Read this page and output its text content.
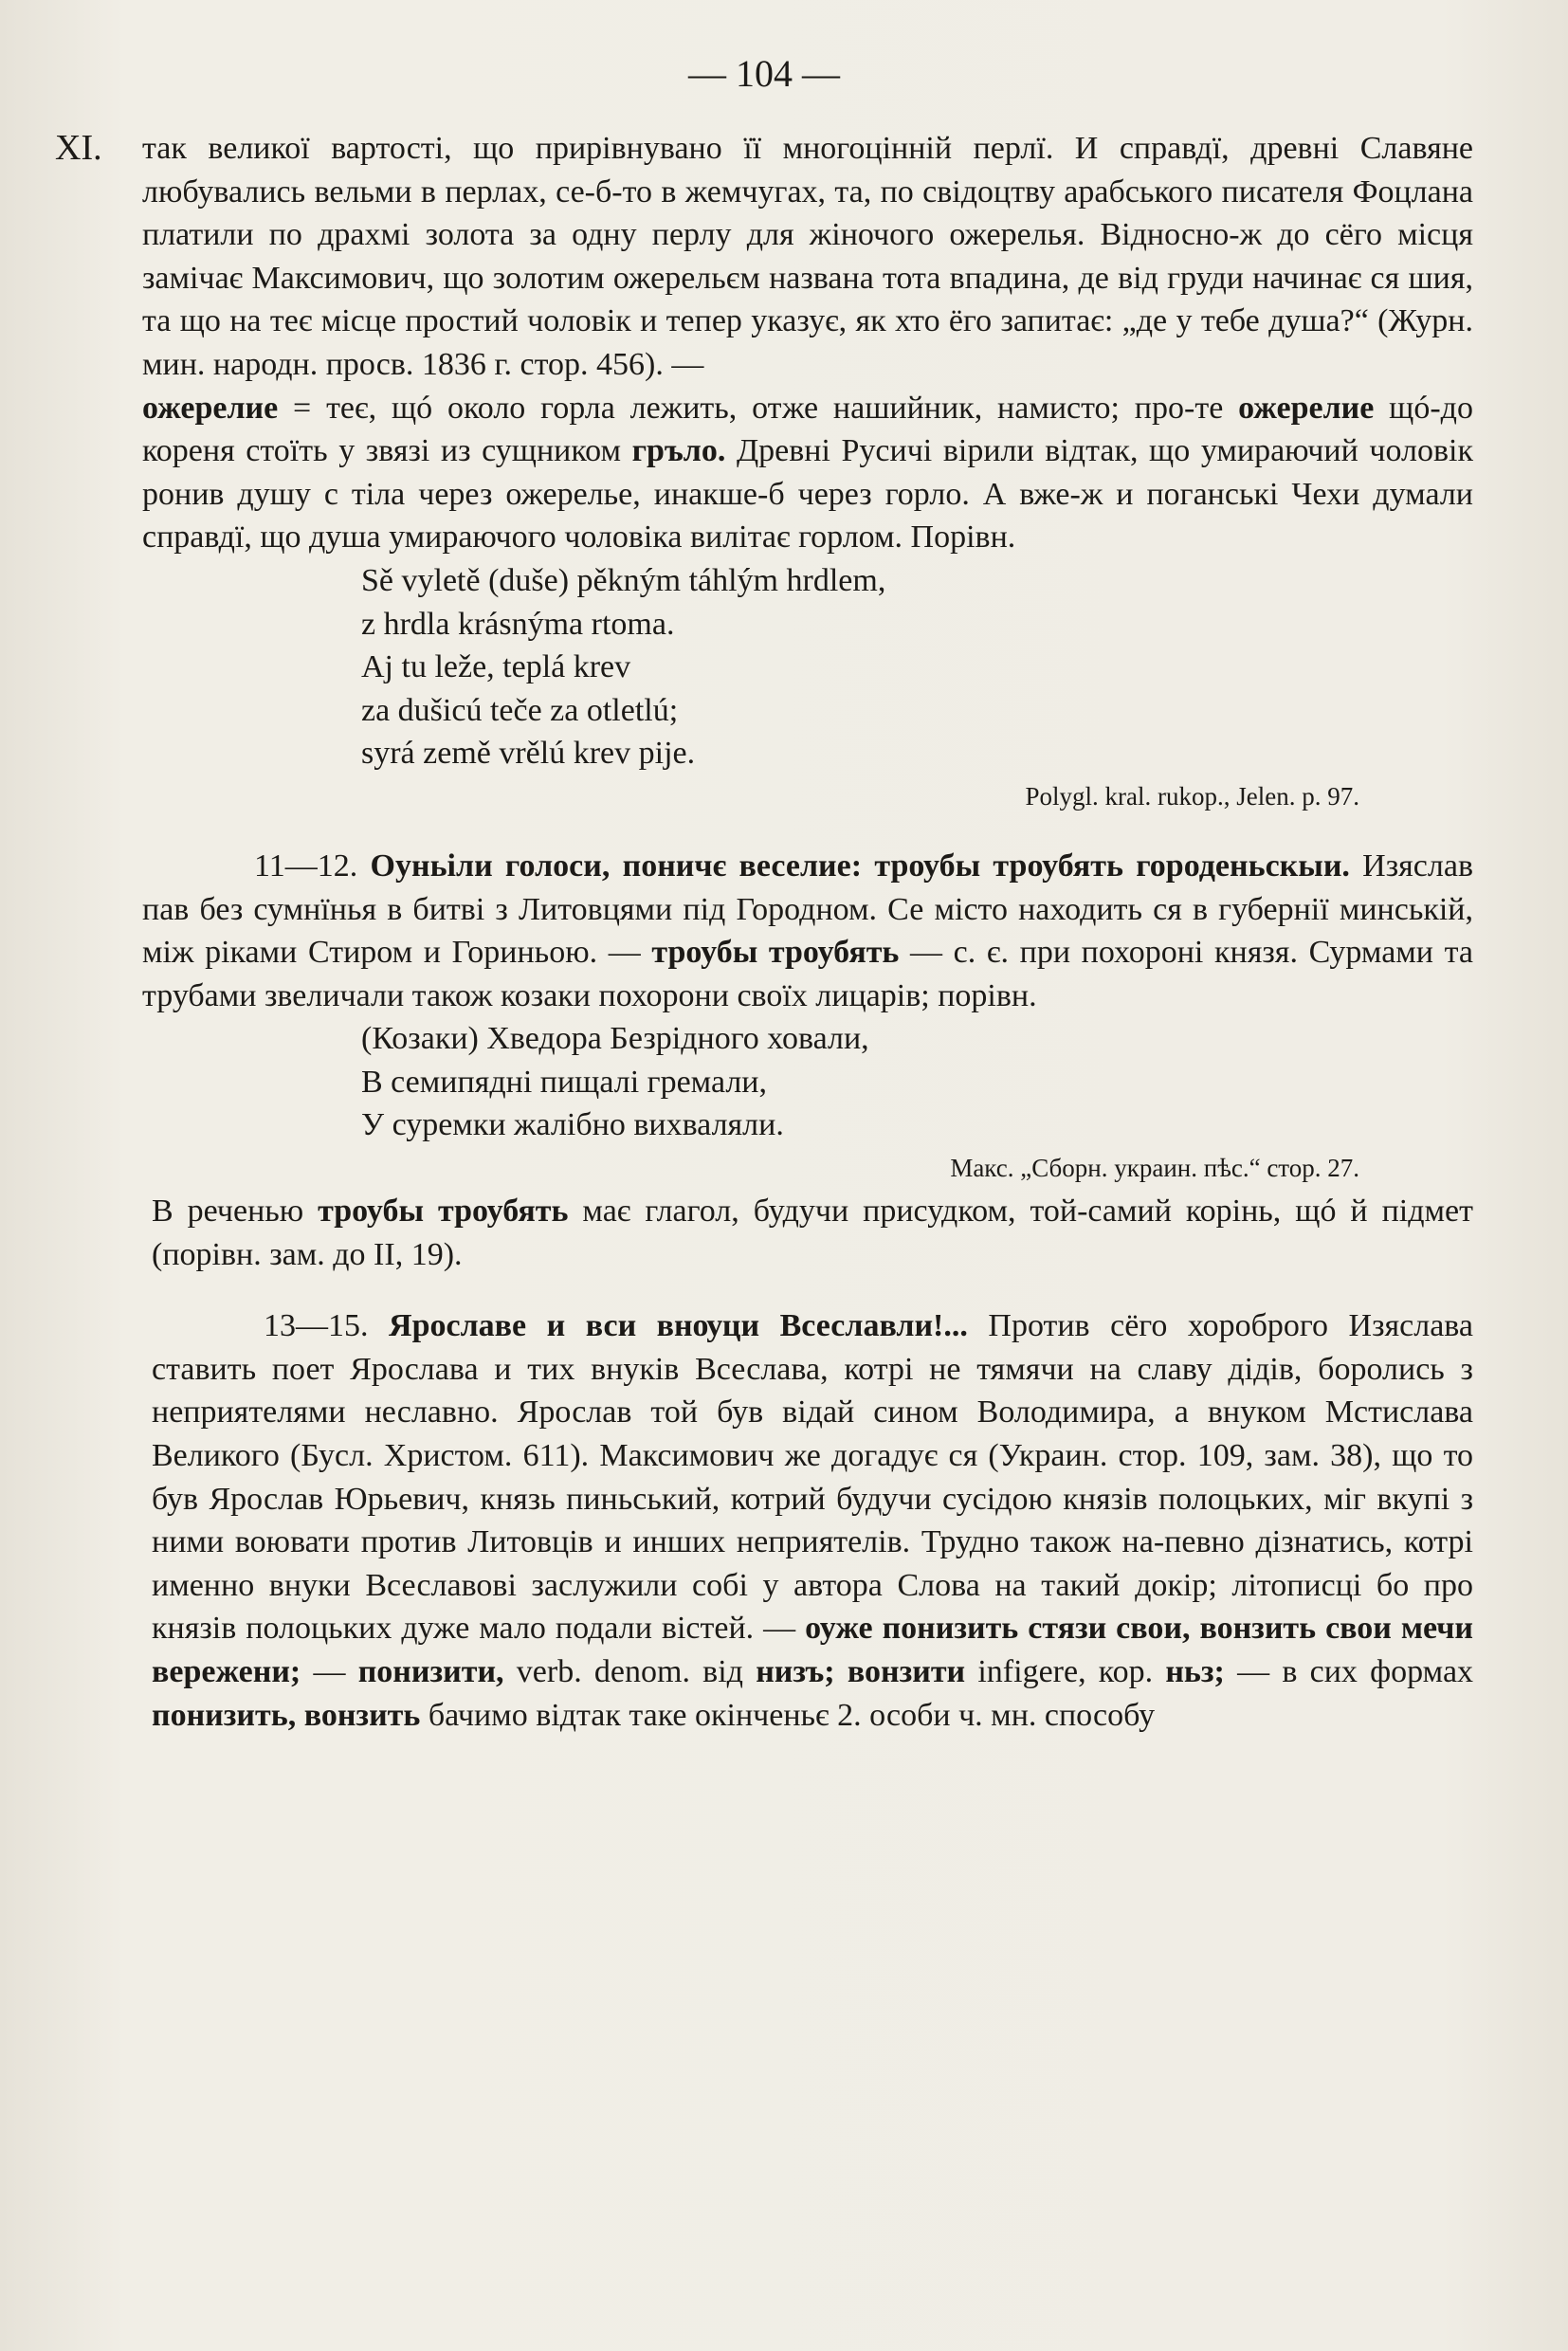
— 104 —

XI. так великої вартості, що прирівнувано її многоцінній перлї. И справдї, древні Славяне любувались вельми в перлах, се-б-то в жемчугах, та, по свідоцтву арабського писателя Фоцлана платили по драхмі золота за одну перлу для жіночого ожерелья. Відносно-ж до сёго місця замічає Максимович, що золотим ожерельєм названа тота впадина, де від груди начинає ся шия, та що на теє місце простий чоловік и тепер указує, як хто ёго запитає: „де у тебе душа?“ (Журн. мин. народн. просв. 1836 г. стор. 456). —
ожерелие = теє, щó около горла лежить, отже нашийник, намисто; про-те ожерелие щó-до кореня стоїть у звязі из сущником гръло. Древні Русичі вірили відтак, що умираючий чоловік ронив душу с тіла через ожерелье, инакше-б через горло. А вже-ж и поганські Чехи думали справдї, що душа умираючого чоловіка вилітає горлом. Порівн.

Sě vyletě (duše) pěkným táhlým hrdlem,

z hrdla krásnýma rtoma.

Aj tu leže, teplá krev

za dušicú teče za otletlú;

syrá země vrělú krev pije.

Polygl. kral. rukop., Jelen. p. 97.

11—12. Оуньіли голоси, поничє веселие: троубы троубять городеньскыи. Изяслав пав без сумнїнья в битві з Литовцями під Городном. Се місто находить ся в губернії минській, між ріками Стиром и Гориньою. — троубы троубять — с. є. при похороні князя. Сурмами та трубами звеличали також козаки похорони своїх лицарів; порівн.

(Козаки) Хведора Безрідного ховали,

В семипядні пищалі гремали,

У суремки жалібно вихваляли.

Макс. „Сборн. украин. пѣс.“ стор. 27.

В реченью троубы троубять має глагол, будучи присудком, той-самий корінь, щó й підмет (порівн. зам. до II, 19).

13—15. Ярославе и вси внѹци Всеславли!... Против сёго хороброго Изяслава ставить поет Ярослава и тих внуків Всеслава, котрі не тямячи на славу дідів, боролись з неприятелями неславно. Ярослав той був відай сином Володимира, а внуком Мстислава Великого (Бусл. Христом. 611). Максимович же догадує ся (Украин. стор. 109, зам. 38), що то був Ярослав Юрьевич, князь пиньський, котрий будучи сусідою князів полоцьких, міг вкупі з ними воювати против Литовців и инших неприятелів. Трудно також на-певно дізнатись, котрі именно внуки Всеславові заслужили собі у автора Слова на такий докір; літописці бо про князів полоцьких дуже мало подали вістей. — оуже понизить стязи свои, вонзить свои мечи вережени; — понизити, verb. denom. від низъ; вонзити infigere, кор. ньз; — в сих формах понизить, вонзить бачимо відтак таке окінченьє 2. особи ч. мн. способу
